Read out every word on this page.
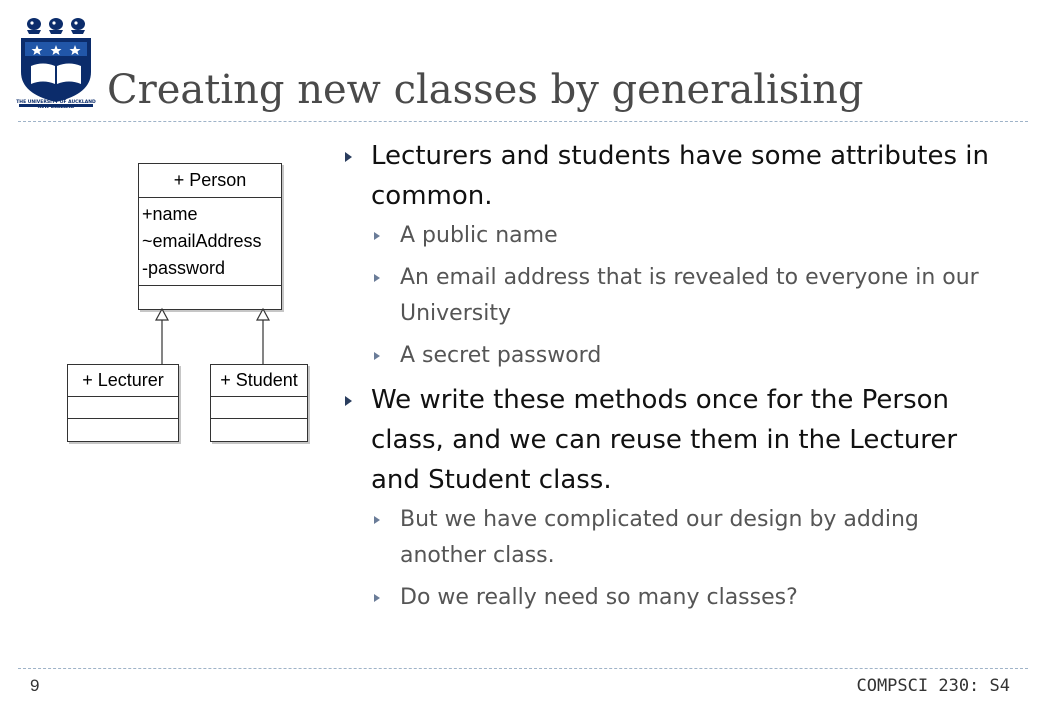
THE UNIVERSITY OF AUCKLAND NEW ZEALAND Creating new classes by generalising
+ Person
+name
~emailAddress
-password
+ Lecturer	+ Student
Lecturers and students have some attributes in common.
A public name
An email address that is revealed to everyone in our University
A secret password
We write these methods once for the Person class, and we can reuse them in the Lecturer and Student class.
But we have complicated our design by adding another class.
Do we really need so many classes?
9	COMPSCI 230: S4
